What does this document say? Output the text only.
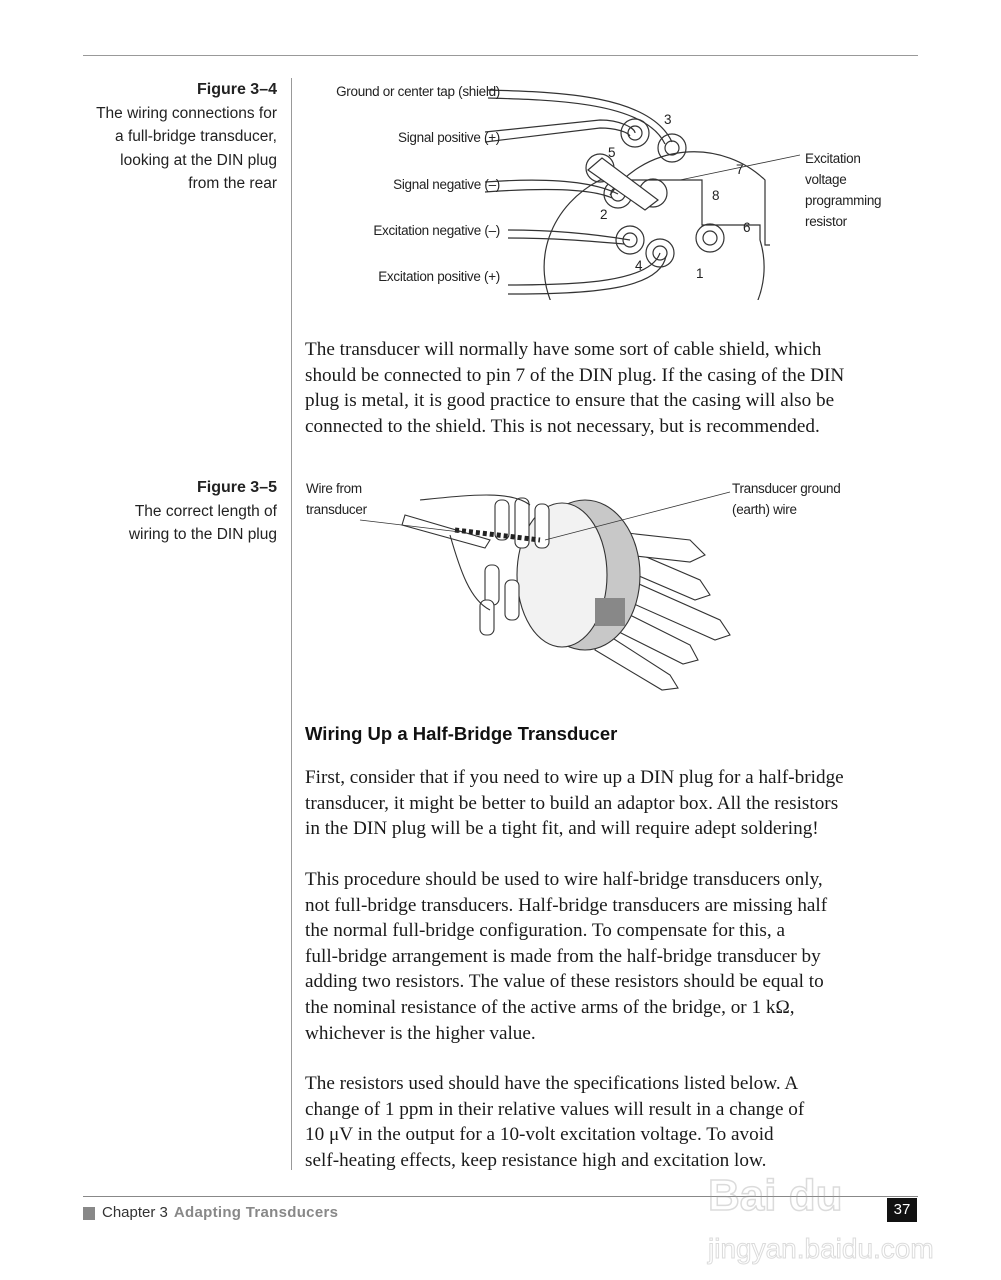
Figure 3–4
The wiring connections for
a full-bridge transducer,
looking at the DIN plug
from the rear
Ground or center tap (shield)
Signal positive (+)
Signal negative (–)
Excitation negative (–)
Excitation positive (+)
Excitation
voltage
programming
resistor
1
2
3
4
5
6
7
8
The transducer will normally have some sort of cable shield, which
should be connected to pin 7 of the DIN plug. If the casing of the DIN
plug is metal, it is good practice to ensure that the casing will also be
connected to the shield. This is not necessary, but is recommended.
Figure 3–5
The correct length of
wiring to the DIN plug
Wire from
transducer
Transducer ground
(earth) wire
Wiring Up a Half-Bridge Transducer
First, consider that if you need to wire up a DIN plug for a half-bridge
transducer, it might be better to build an adaptor box. All the resistors
in the DIN plug will be a tight fit, and will require adept soldering!
This procedure should be used to wire half-bridge transducers only,
not full-bridge transducers. Half-bridge transducers are missing half
the normal full-bridge configuration. To compensate for this, a
full-bridge arrangement is made from the half-bridge transducer by
adding two resistors. The value of these resistors should be equal to
the nominal resistance of the active arms of the bridge, or 1 kΩ,
whichever is the higher value.
The resistors used should have the specifications listed below. A
change of 1 ppm in their relative values will result in a change of
10 μV in the output for a 10-volt excitation voltage. To avoid
self-heating effects, keep resistance high and excitation low.
Chapter 3 Adapting Transducers	37
Bai du
jingyan.baidu.com
